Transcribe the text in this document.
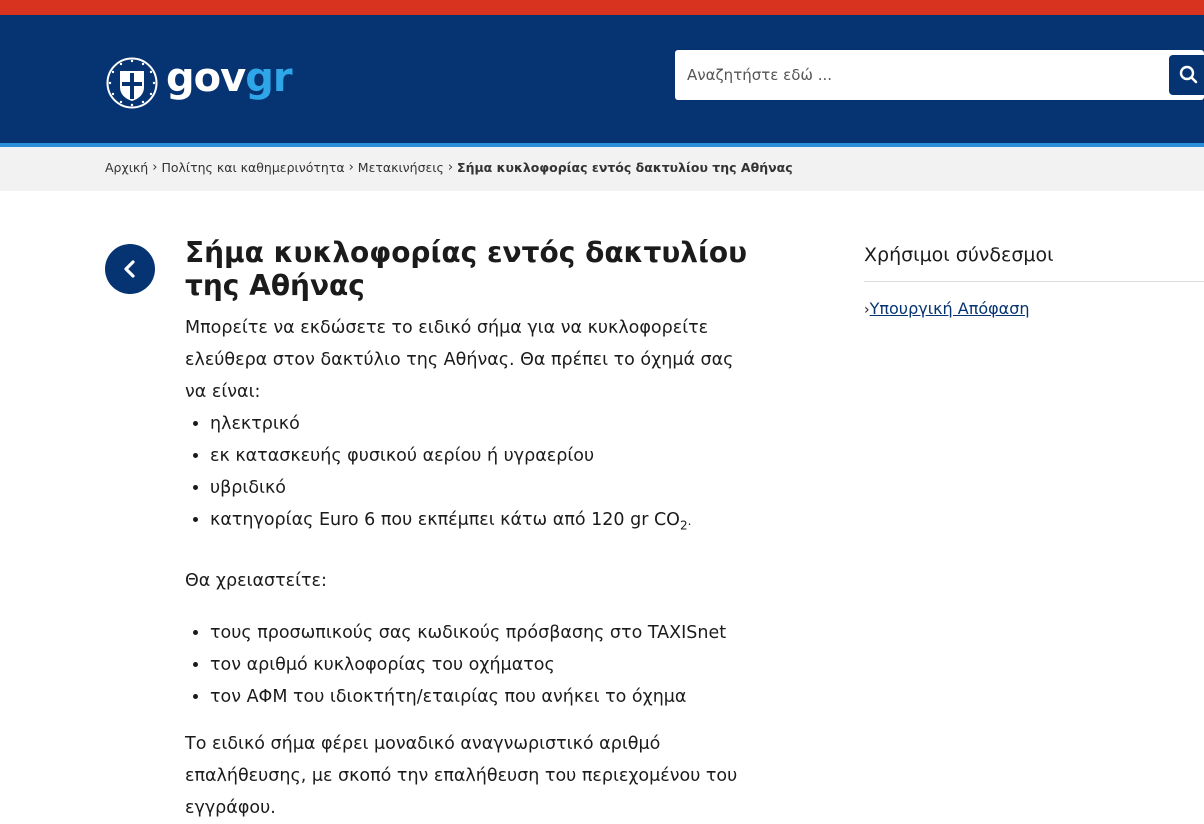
govgr
Αναζητήστε εδώ ...
Αρχική › Πολίτης και καθημερινότητα › Μετακινήσεις › Σήμα κυκλοφορίας εντός δακτυλίου της Αθήνας
Σήμα κυκλοφορίας εντός δακτυλίου της Αθήνας

Μπορείτε να εκδώσετε το ειδικό σήμα για να κυκλοφορείτε ελεύθερα στον δακτύλιο της Αθήνας. Θα πρέπει το όχημά σας να είναι:

• ηλεκτρικό
• εκ κατασκευής φυσικού αερίου ή υγραερίου
• υβριδικό
• κατηγορίας Euro 6 που εκπέμπει κάτω από 120 gr $CO_2$.

Θα χρειαστείτε:

• τους προσωπικούς σας κωδικούς πρόσβασης στο TAXISnet
• τον αριθμό κυκλοφορίας του οχήματος
• τον ΑΦΜ του ιδιοκτήτη/εταιρίας που ανήκει το όχημα

Το ειδικό σήμα φέρει μοναδικό αναγνωριστικό αριθμό επαλήθευσης, με σκοπό την επαλήθευση του περιεχομένου του εγγράφου.

Χρήσιμοι σύνδεσμοι
›Υπουργική Απόφαση
